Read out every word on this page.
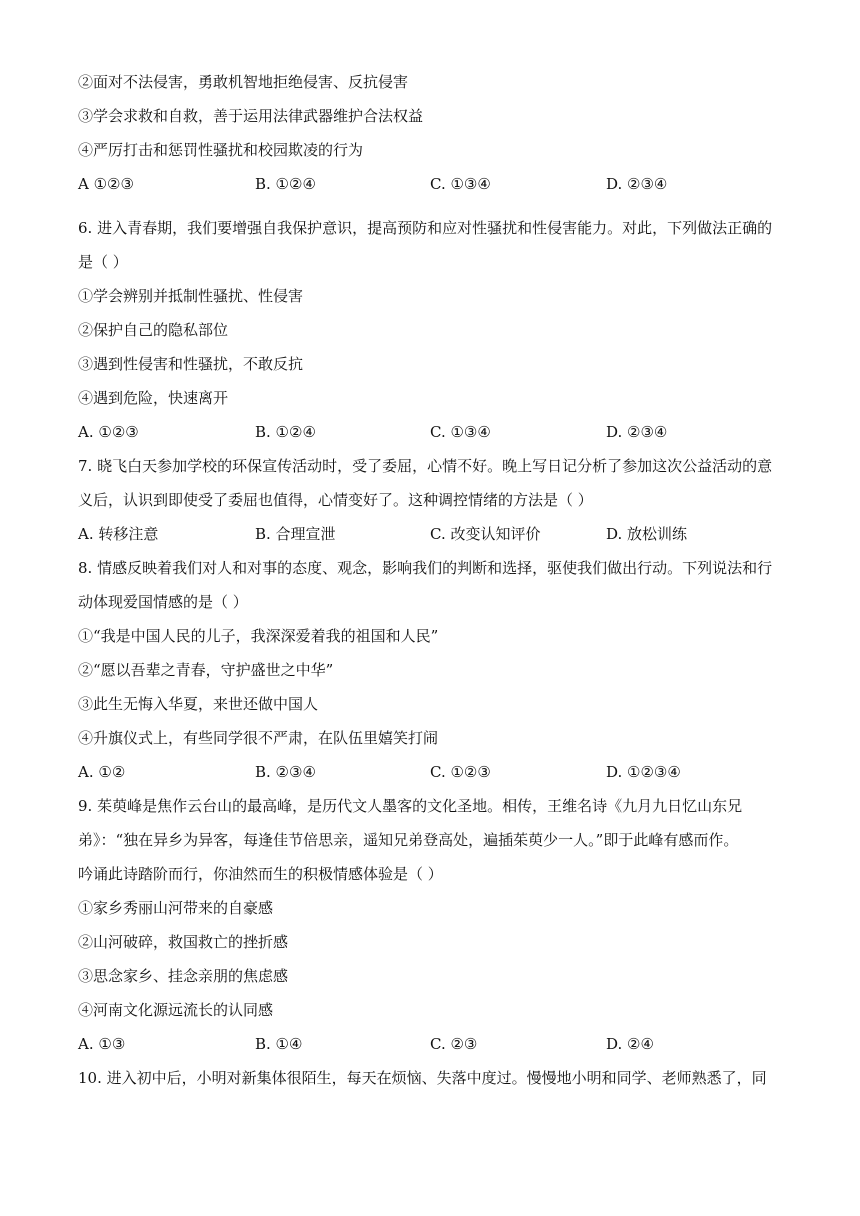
②面对不法侵害，勇敢机智地拒绝侵害、反抗侵害
③学会求救和自救，善于运用法律武器维护合法权益
④严厉打击和惩罚性骚扰和校园欺凌的行为
A ①②③	B. ①②④	C. ①③④	D. ②③④
6. 进入青春期，我们要增强自我保护意识，提高预防和应对性骚扰和性侵害能力。对此，下列做法正确的
是（ ）
①学会辨别并抵制性骚扰、性侵害
②保护自己的隐私部位
③遇到性侵害和性骚扰，不敢反抗
④遇到危险，快速离开
A. ①②③	B. ①②④	C. ①③④	D. ②③④
7. 晓飞白天参加学校的环保宣传活动时，受了委屈，心情不好。晚上写日记分析了参加这次公益活动的意
义后，认识到即使受了委屈也值得，心情变好了。这种调控情绪的方法是（ ）
A. 转移注意	B. 合理宣泄	C. 改变认知评价	D. 放松训练
8. 情感反映着我们对人和对事的态度、观念，影响我们的判断和选择，驱使我们做出行动。下列说法和行
动体现爱国情感的是（ ）
①“我是中国人民的儿子，我深深爱着我的祖国和人民”
②“愿以吾辈之青春，守护盛世之中华”
③此生无悔入华夏，来世还做中国人
④升旗仪式上，有些同学很不严肃，在队伍里嬉笑打闹
A. ①②	B. ②③④	C. ①②③	D. ①②③④
9. 茱萸峰是焦作云台山的最高峰，是历代文人墨客的文化圣地。相传，王维名诗《九月九日忆山东兄
弟》：“独在异乡为异客，每逢佳节倍思亲，遥知兄弟登高处，遍插茱萸少一人。”即于此峰有感而作。
吟诵此诗踏阶而行，你油然而生的积极情感体验是（ ）
①家乡秀丽山河带来的自豪感
②山河破碎，救国救亡的挫折感
③思念家乡、挂念亲朋的焦虑感
④河南文化源远流长的认同感
A. ①③	B. ①④	C. ②③	D. ②④
10. 进入初中后，小明对新集体很陌生，每天在烦恼、失落中度过。慢慢地小明和同学、老师熟悉了，同
